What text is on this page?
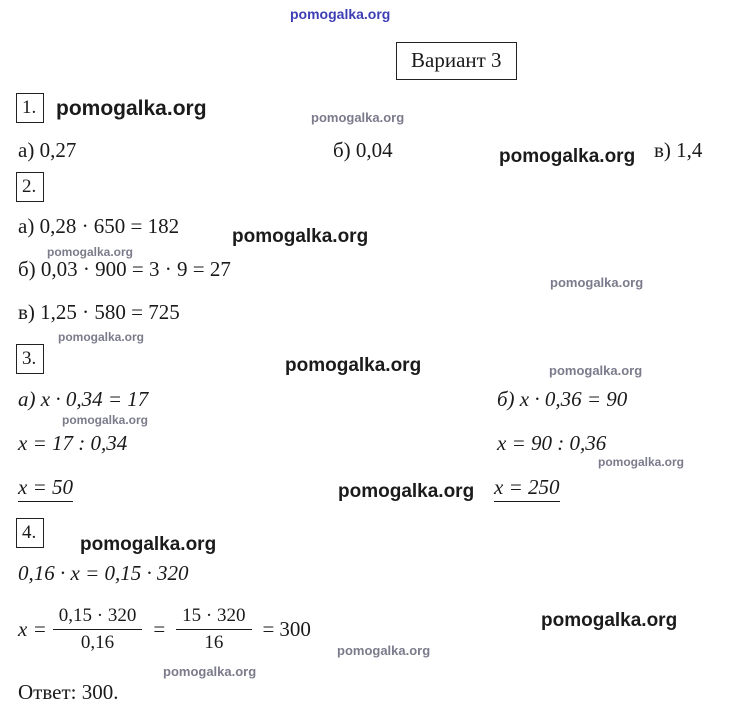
pomogalka.org
pomogalka.org	pomogalka.org
pomogalka.org
pomogalka.org
pomogalka.org
pomogalka.org
pomogalka.org
pomogalka.org	pomogalka.org
pomogalka.org
pomogalka.org
pomogalka.org
pomogalka.org
pomogalka.org
pomogalka.org
pomogalka.org
Вариант 3
1.
а) 0,27	б) 0,04	в) 1,4
2.
а) 0,28 · 650 = 182
б) 0,03 · 900 = 3 · 9 = 27
в) 1,25 · 580 = 725
3.
а) x · 0,34 = 17
x = 17 : 0,34
x = 50
б) x · 0,36 = 90
x = 90 : 0,36
x = 250
4.
0,16 · x = 0,15 · 320
$x = \frac{0,15 \cdot 320}{0,16} = \frac{15 \cdot 320}{16} = 300$
Ответ: 300.
